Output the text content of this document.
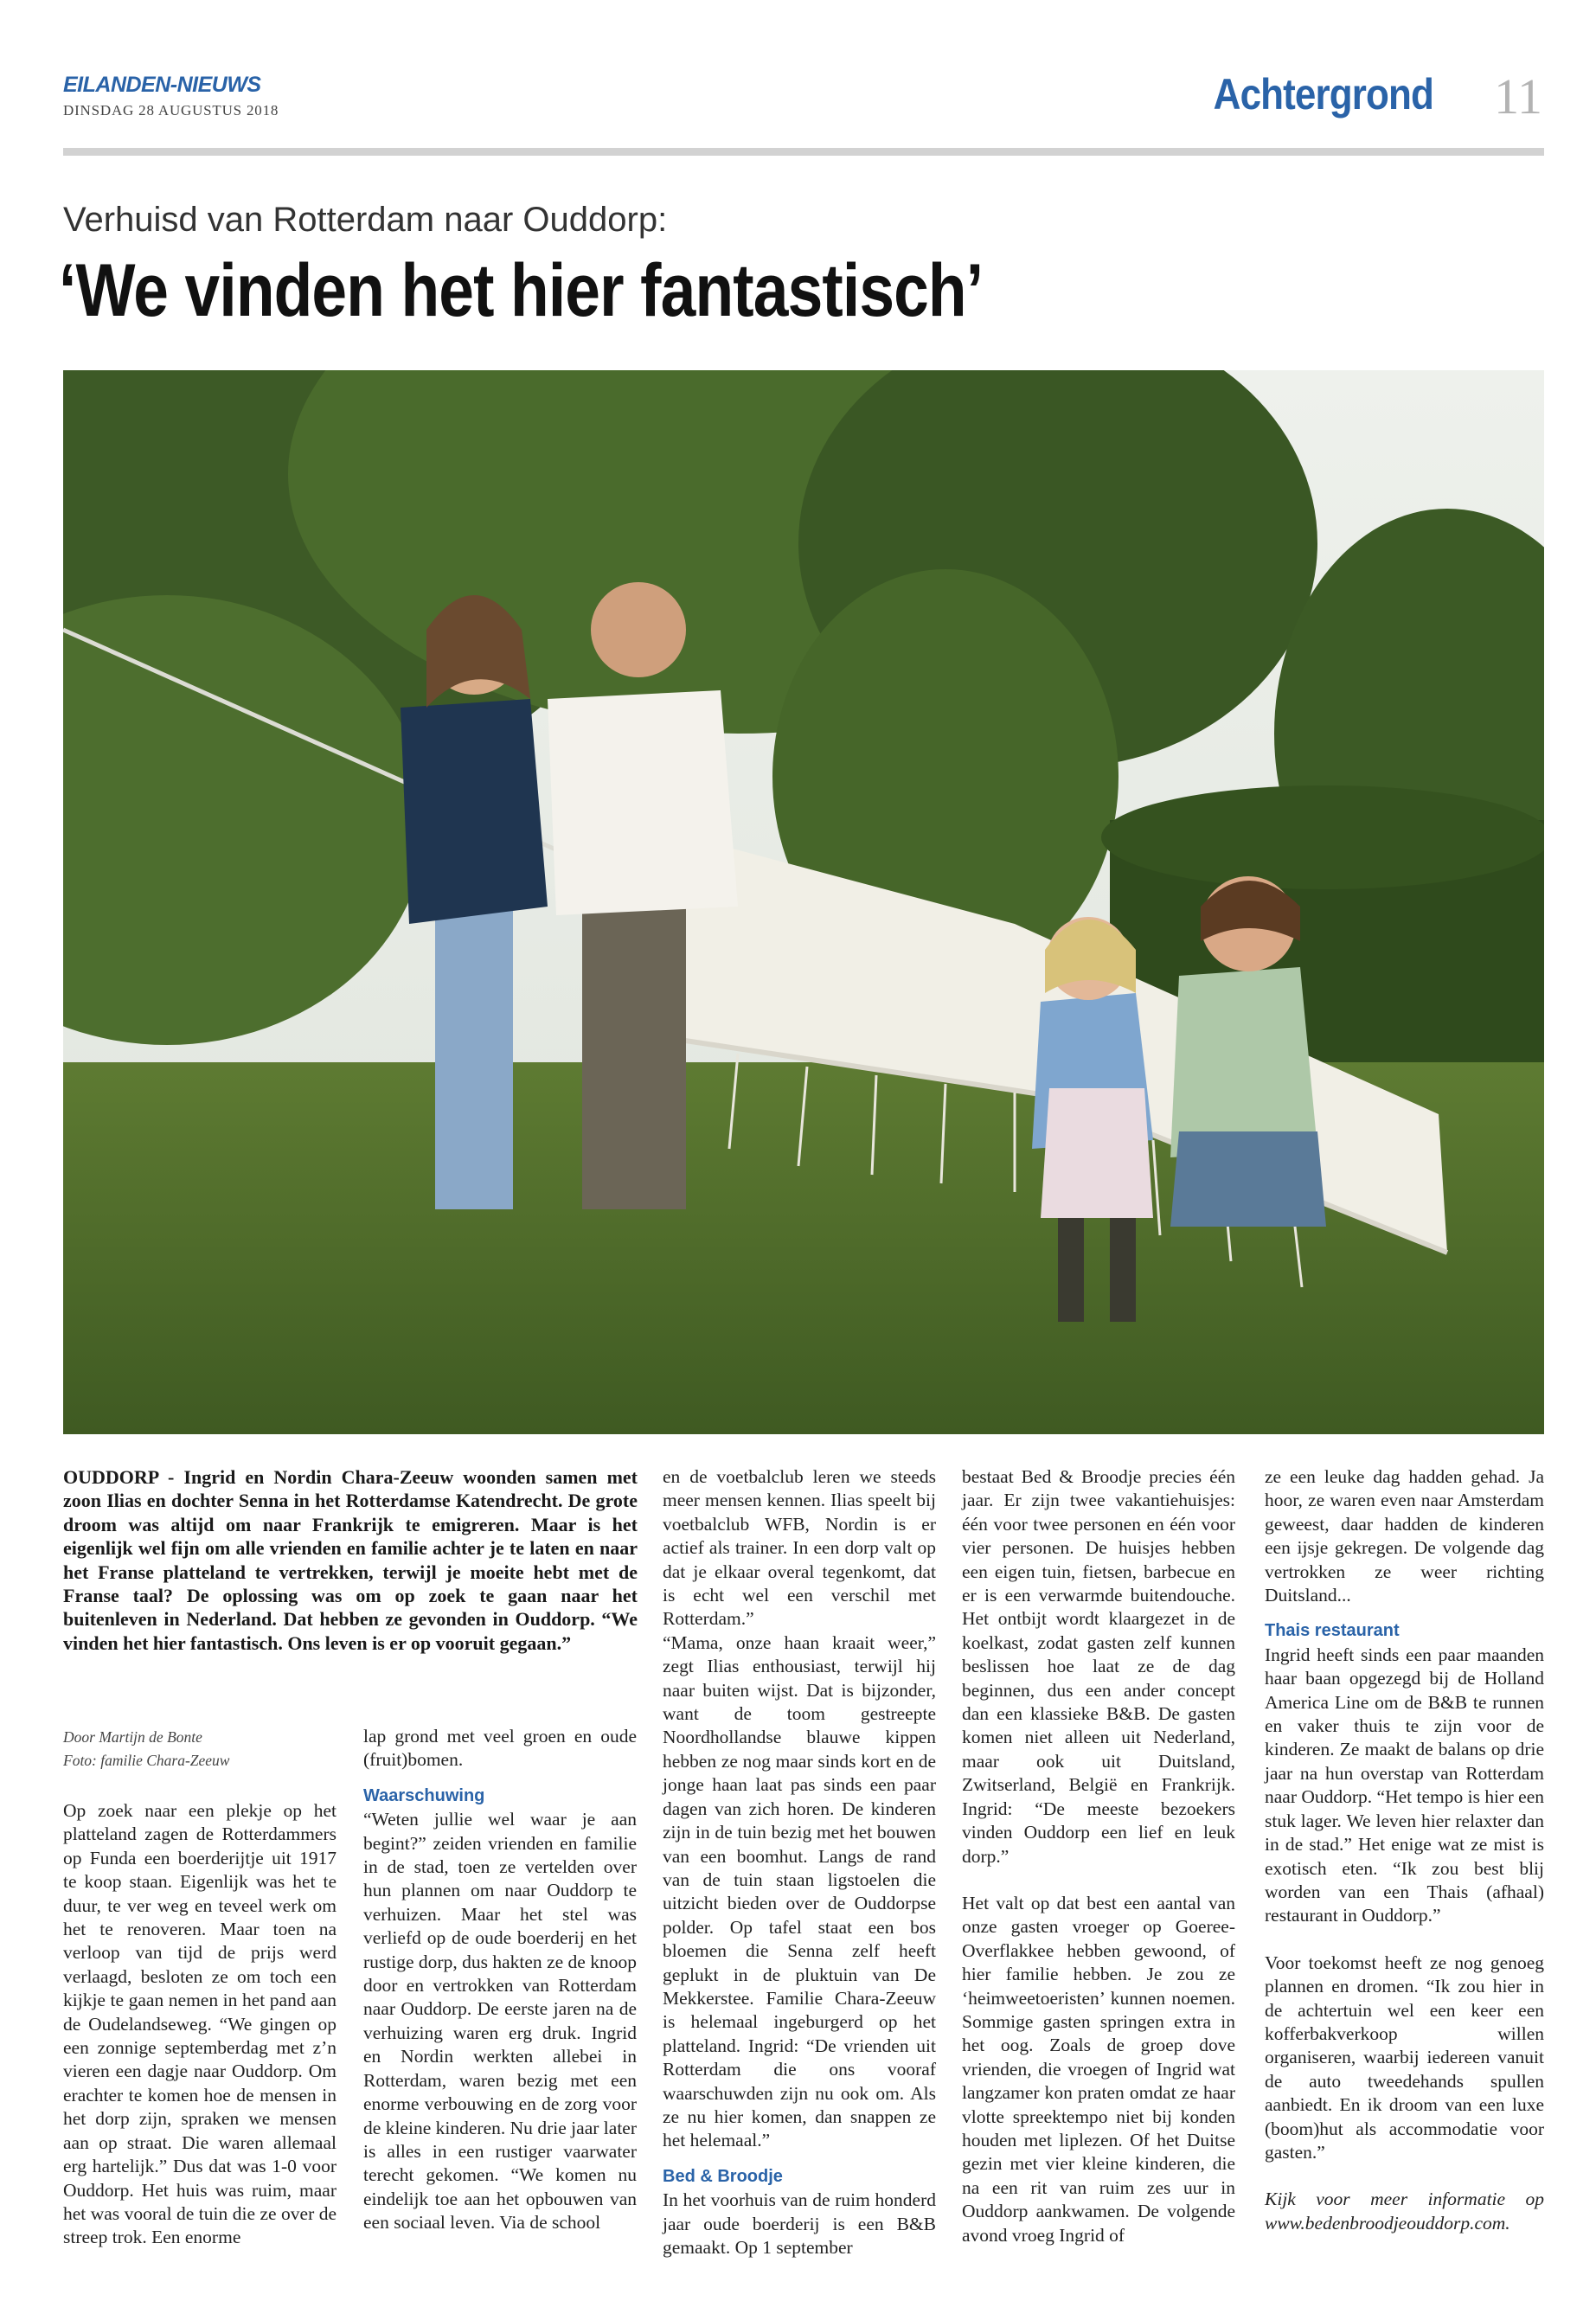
EILANDEN-NIEUWS
DINSDAG 28 AUGUSTUS 2018	Achtergrond 11
Verhuisd van Rotterdam naar Ouddorp:
‘We vinden het hier fantastisch’
OUDDORP - Ingrid en Nordin Chara-Zeeuw woonden samen met zoon Ilias en dochter Senna in het Rotterdamse Katendrecht. De grote droom was altijd om naar Frankrijk te emigreren. Maar is het eigenlijk wel fijn om alle vrienden en familie achter je te laten en naar het Franse platteland te vertrekken, terwijl je moeite hebt met de Franse taal? De oplossing was om op zoek te gaan naar het buitenleven in Nederland. Dat hebben ze gevonden in Ouddorp. “We vinden het hier fantastisch. Ons leven is er op vooruit gegaan.”
Door Martijn de Bonte
Foto: familie Chara-Zeeuw

Op zoek naar een plekje op het platteland zagen de Rotterdammers op Funda een boerderijtje uit 1917 te koop staan. Eigenlijk was het te duur, te ver weg en teveel werk om het te renoveren. Maar toen na verloop van tijd de prijs werd verlaagd, besloten ze om toch een kijkje te gaan nemen in het pand aan de Oudelandseweg. “We gingen op een zonnige septemberdag met z’n vieren een dagje naar Ouddorp. Om erachter te komen hoe de mensen in het dorp zijn, spraken we mensen aan op straat. Die waren allemaal erg hartelijk.” Dus dat was 1-0 voor Ouddorp. Het huis was ruim, maar het was vooral de tuin die ze over de streep trok. Een enorme

lap grond met veel groen en oude (fruit)bomen.

Waarschuwing

“Weten jullie wel waar je aan begint?” zeiden vrienden en familie in de stad, toen ze vertelden over hun plannen om naar Ouddorp te verhuizen. Maar het stel was verliefd op de oude boerderij en het rustige dorp, dus hakten ze de knoop door en vertrokken van Rotterdam naar Ouddorp. De eerste jaren na de verhuizing waren erg druk. Ingrid en Nordin werkten allebei in Rotterdam, waren bezig met een enorme verbouwing en de zorg voor de kleine kinderen. Nu drie jaar later is alles in een rustiger vaarwater terecht gekomen. “We komen nu eindelijk toe aan het opbouwen van een sociaal leven. Via de school

en de voetbalclub leren we steeds meer mensen kennen. Ilias speelt bij voetbalclub WFB, Nordin is er actief als trainer. In een dorp valt op dat je elkaar overal tegenkomt, dat is echt wel een verschil met Rotterdam.”

“Mama, onze haan kraait weer,” zegt Ilias enthousiast, terwijl hij naar buiten wijst. Dat is bijzonder, want de toom gestreepte Noordhollandse blauwe kippen hebben ze nog maar sinds kort en de jonge haan laat pas sinds een paar dagen van zich horen. De kinderen zijn in de tuin bezig met het bouwen van een boomhut. Langs de rand van de tuin staan ligstoelen die uitzicht bieden over de Ouddorpse polder. Op tafel staat een bos bloemen die Senna zelf heeft geplukt in de pluktuin van De Mekkerstee. Familie Chara-Zeeuw is helemaal ingeburgerd op het platteland. Ingrid: “De vrienden uit Rotterdam die ons vooraf waarschuwden zijn nu ook om. Als ze nu hier komen, dan snappen ze het helemaal.”

Bed & Broodje

In het voorhuis van de ruim honderd jaar oude boerderij is een B&B gemaakt. Op 1 september

bestaat Bed & Broodje precies één jaar. Er zijn twee vakantiehuisjes: één voor twee personen en één voor vier personen. De huisjes hebben een eigen tuin, fietsen, barbecue en er is een verwarmde buitendouche. Het ontbijt wordt klaargezet in de koelkast, zodat gasten zelf kunnen beslissen hoe laat ze de dag beginnen, dus een ander concept dan een klassieke B&B. De gasten komen niet alleen uit Nederland, maar ook uit Duitsland, Zwitserland, België en Frankrijk. Ingrid: “De meeste bezoekers vinden Ouddorp een lief en leuk dorp.”

Het valt op dat best een aantal van onze gasten vroeger op Goeree-Overflakkee hebben gewoond, of hier familie hebben. Je zou ze ‘heimweetoeristen’ kunnen noemen. Sommige gasten springen extra in het oog. Zoals de groep dove vrienden, die vroegen of Ingrid wat langzamer kon praten omdat ze haar vlotte spreektempo niet bij konden houden met liplezen. Of het Duitse gezin met vier kleine kinderen, die na een rit van ruim zes uur in Ouddorp aankwamen. De volgende avond vroeg Ingrid of

ze een leuke dag hadden gehad. Ja hoor, ze waren even naar Amsterdam geweest, daar hadden de kinderen een ijsje gekregen. De volgende dag vertrokken ze weer richting Duitsland...

Thais restaurant

Ingrid heeft sinds een paar maanden haar baan opgezegd bij de Holland America Line om de B&B te runnen en vaker thuis te zijn voor de kinderen. Ze maakt de balans op drie jaar na hun overstap van Rotterdam naar Ouddorp. “Het tempo is hier een stuk lager. We leven hier relaxter dan in de stad.” Het enige wat ze mist is exotisch eten. “Ik zou best blij worden van een Thais (afhaal) restaurant in Ouddorp.”

Voor toekomst heeft ze nog genoeg plannen en dromen. “Ik zou hier in de achtertuin wel een keer een kofferbakverkoop willen organiseren, waarbij iedereen vanuit de auto tweedehands spullen aanbiedt. En ik droom van een luxe (boom)hut als accommodatie voor gasten.”

Kijk voor meer informatie op www.bedenbroodjeouddorp.com.
